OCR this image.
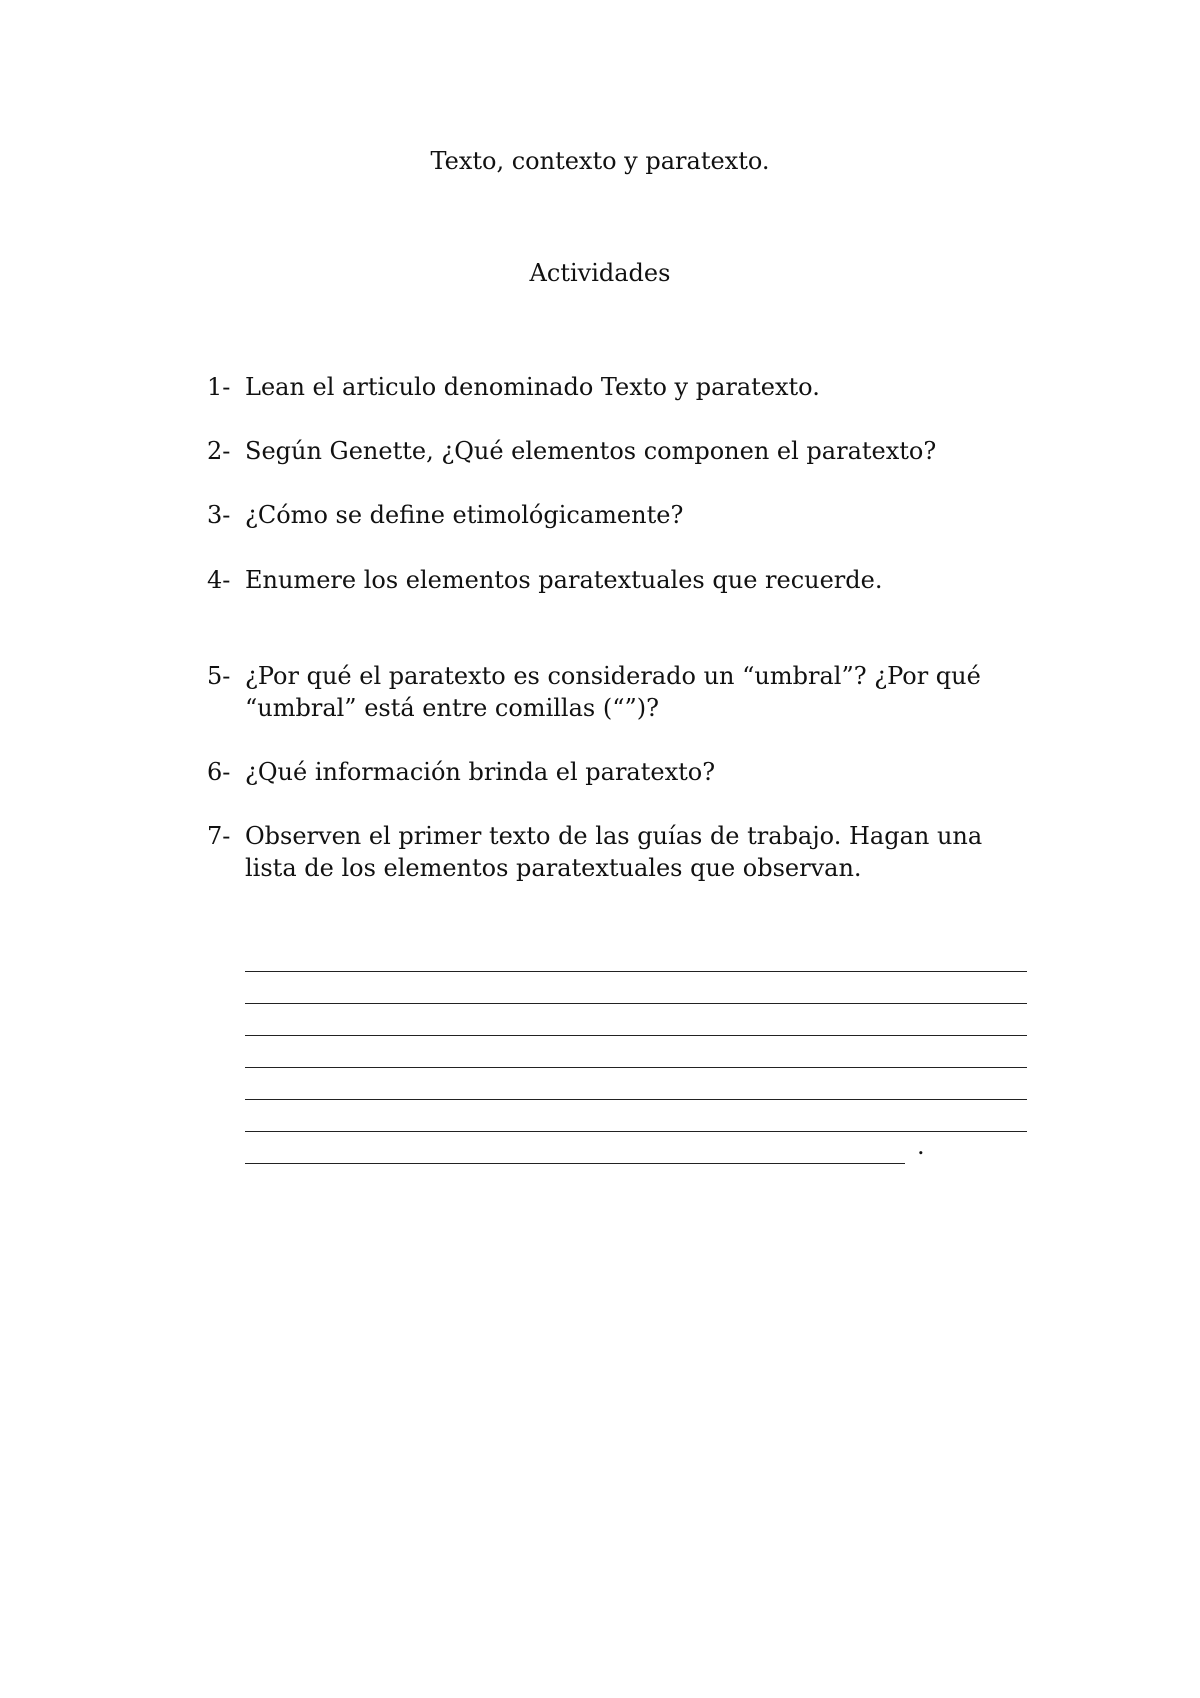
Texto, contexto y paratexto.
Actividades
1- Lean el articulo denominado Texto y paratexto.
2- Según Genette, ¿Qué elementos componen el paratexto?
3- ¿Cómo se define etimológicamente?
4- Enumere los elementos paratextuales que recuerde.
5- ¿Por qué el paratexto es considerado un “umbral”? ¿Por qué
“umbral” está entre comillas (“”)?
6- ¿Qué información brinda el paratexto?
7- Observen el primer texto de las guías de trabajo. Hagan una
lista de los elementos paratextuales que observan.
.
